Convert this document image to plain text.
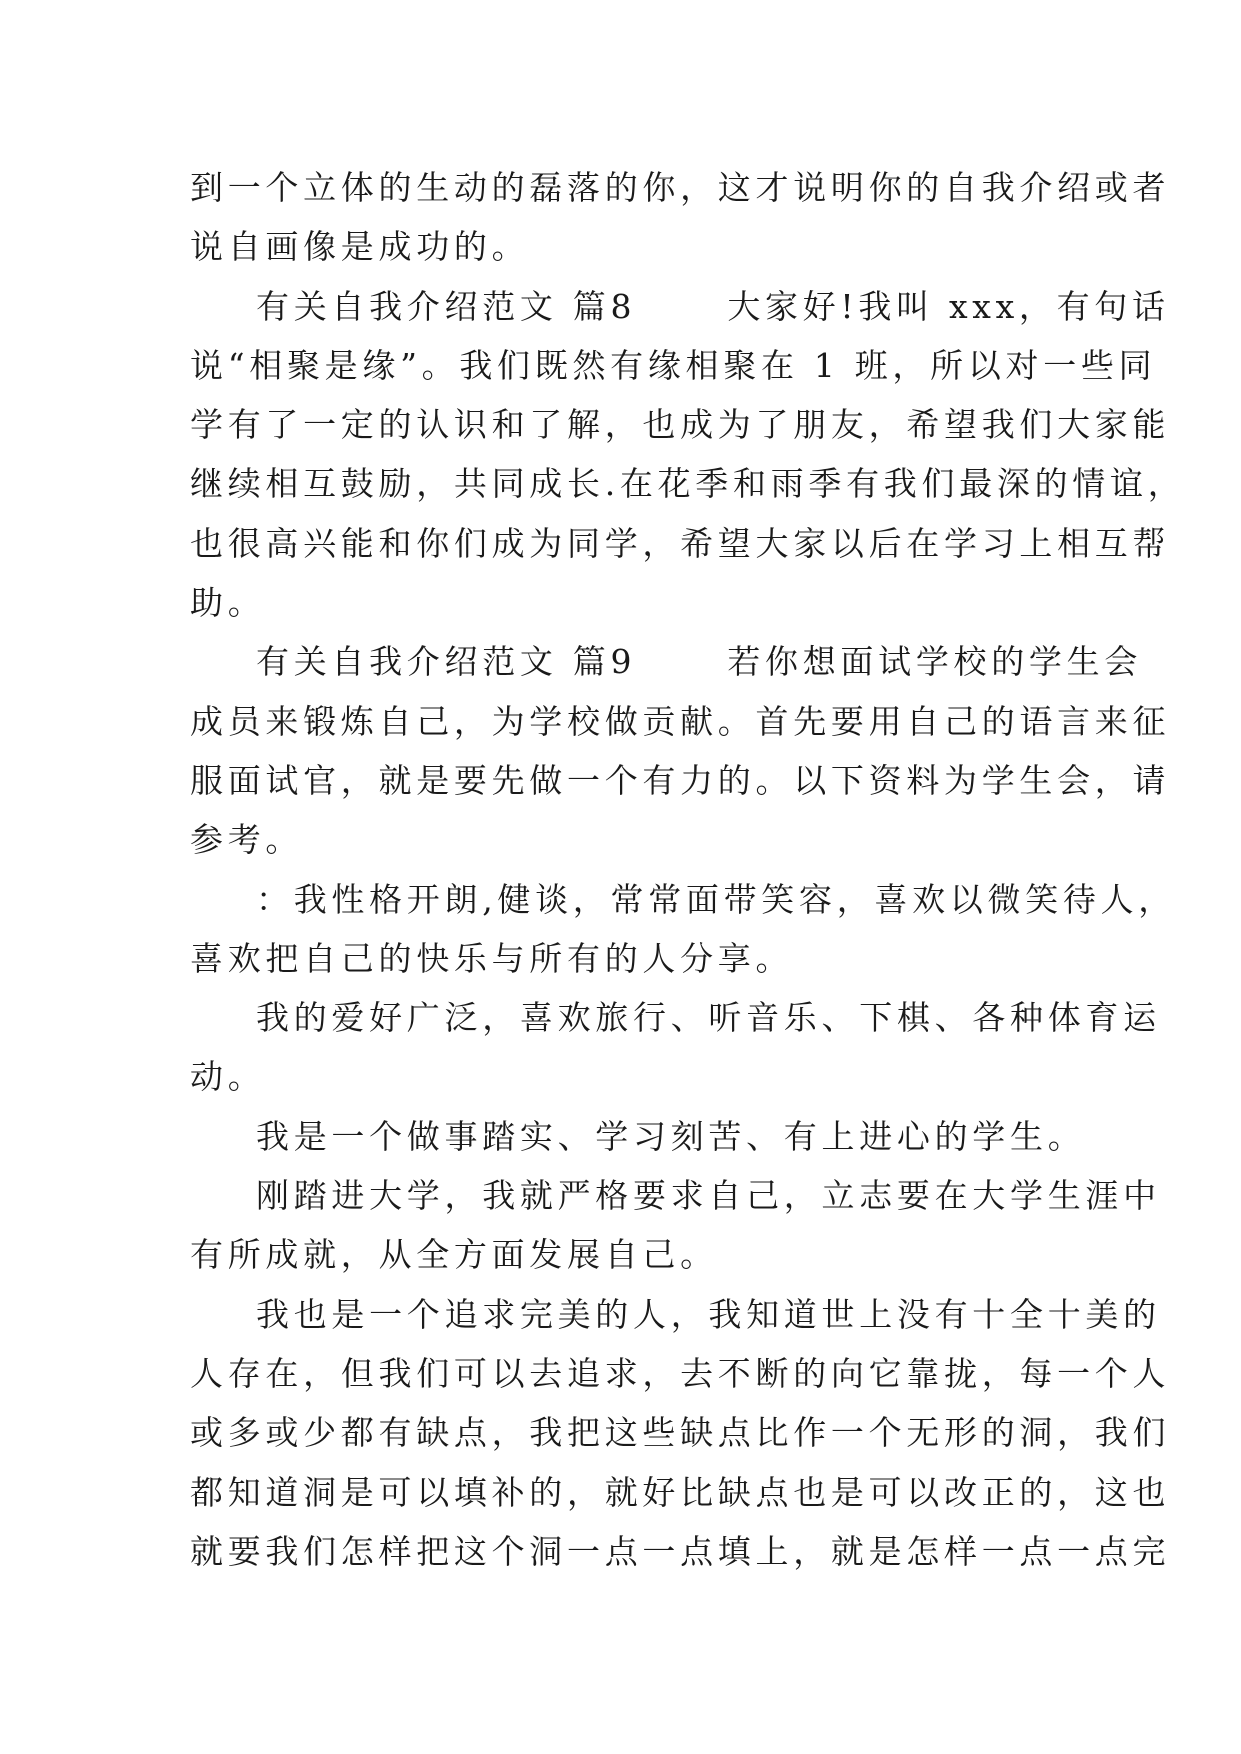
到一个立体的生动的磊落的你，这才说明你的自我介绍或者
说自画像是成功的。
有关自我介绍范文 篇8      大家好!我叫 xxx，有句话
说“相聚是缘”。我们既然有缘相聚在 1 班，所以对一些同
学有了一定的认识和了解，也成为了朋友，希望我们大家能
继续相互鼓励，共同成长.在花季和雨季有我们最深的情谊，
也很高兴能和你们成为同学，希望大家以后在学习上相互帮
助。
有关自我介绍范文 篇9      若你想面试学校的学生会
成员来锻炼自己，为学校做贡献。首先要用自己的语言来征
服面试官，就是要先做一个有力的。以下资料为学生会，请
参考。
：我性格开朗,健谈，常常面带笑容，喜欢以微笑待人，
喜欢把自己的快乐与所有的人分享。
我的爱好广泛，喜欢旅行、听音乐、下棋、各种体育运
动。
我是一个做事踏实、学习刻苦、有上进心的学生。
刚踏进大学，我就严格要求自己，立志要在大学生涯中
有所成就，从全方面发展自己。
我也是一个追求完美的人，我知道世上没有十全十美的
人存在，但我们可以去追求，去不断的向它靠拢，每一个人
或多或少都有缺点，我把这些缺点比作一个无形的洞，我们
都知道洞是可以填补的，就好比缺点也是可以改正的，这也
就要我们怎样把这个洞一点一点填上，就是怎样一点一点完
